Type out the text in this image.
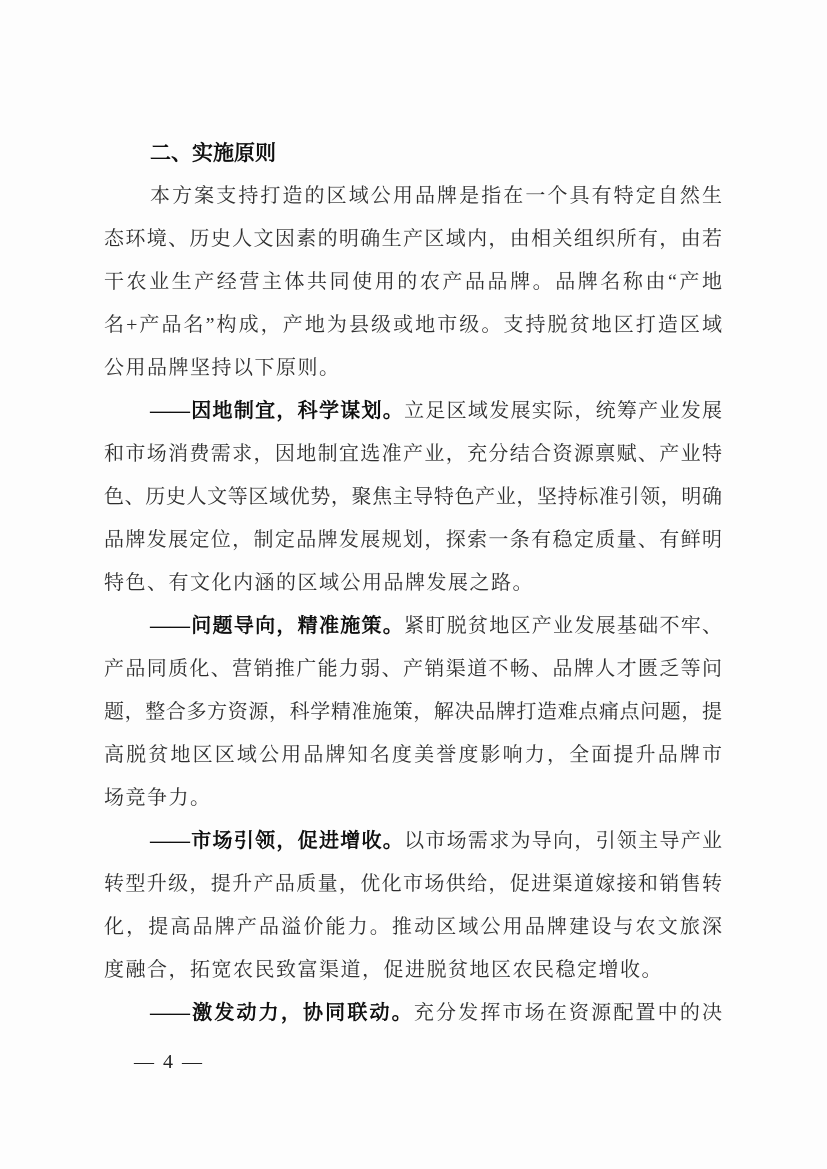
二、实施原则
本方案支持打造的区域公用品牌是指在一个具有特定自然生
态环境、历史人文因素的明确生产区域内，由相关组织所有，由若
干农业生产经营主体共同使用的农产品品牌。品牌名称由“产地
名+产品名”构成，产地为县级或地市级。支持脱贫地区打造区域
公用品牌坚持以下原则。
——因地制宜，科学谋划。立足区域发展实际，统筹产业发展
和市场消费需求，因地制宜选准产业，充分结合资源禀赋、产业特
色、历史人文等区域优势，聚焦主导特色产业，坚持标准引领，明确
品牌发展定位，制定品牌发展规划，探索一条有稳定质量、有鲜明
特色、有文化内涵的区域公用品牌发展之路。
——问题导向，精准施策。紧盯脱贫地区产业发展基础不牢、
产品同质化、营销推广能力弱、产销渠道不畅、品牌人才匮乏等问
题，整合多方资源，科学精准施策，解决品牌打造难点痛点问题，提
高脱贫地区区域公用品牌知名度美誉度影响力，全面提升品牌市
场竞争力。
——市场引领，促进增收。以市场需求为导向，引领主导产业
转型升级，提升产品质量，优化市场供给，促进渠道嫁接和销售转
化，提高品牌产品溢价能力。推动区域公用品牌建设与农文旅深
度融合，拓宽农民致富渠道，促进脱贫地区农民稳定增收。
——激发动力，协同联动。充分发挥市场在资源配置中的决
— 4 —
